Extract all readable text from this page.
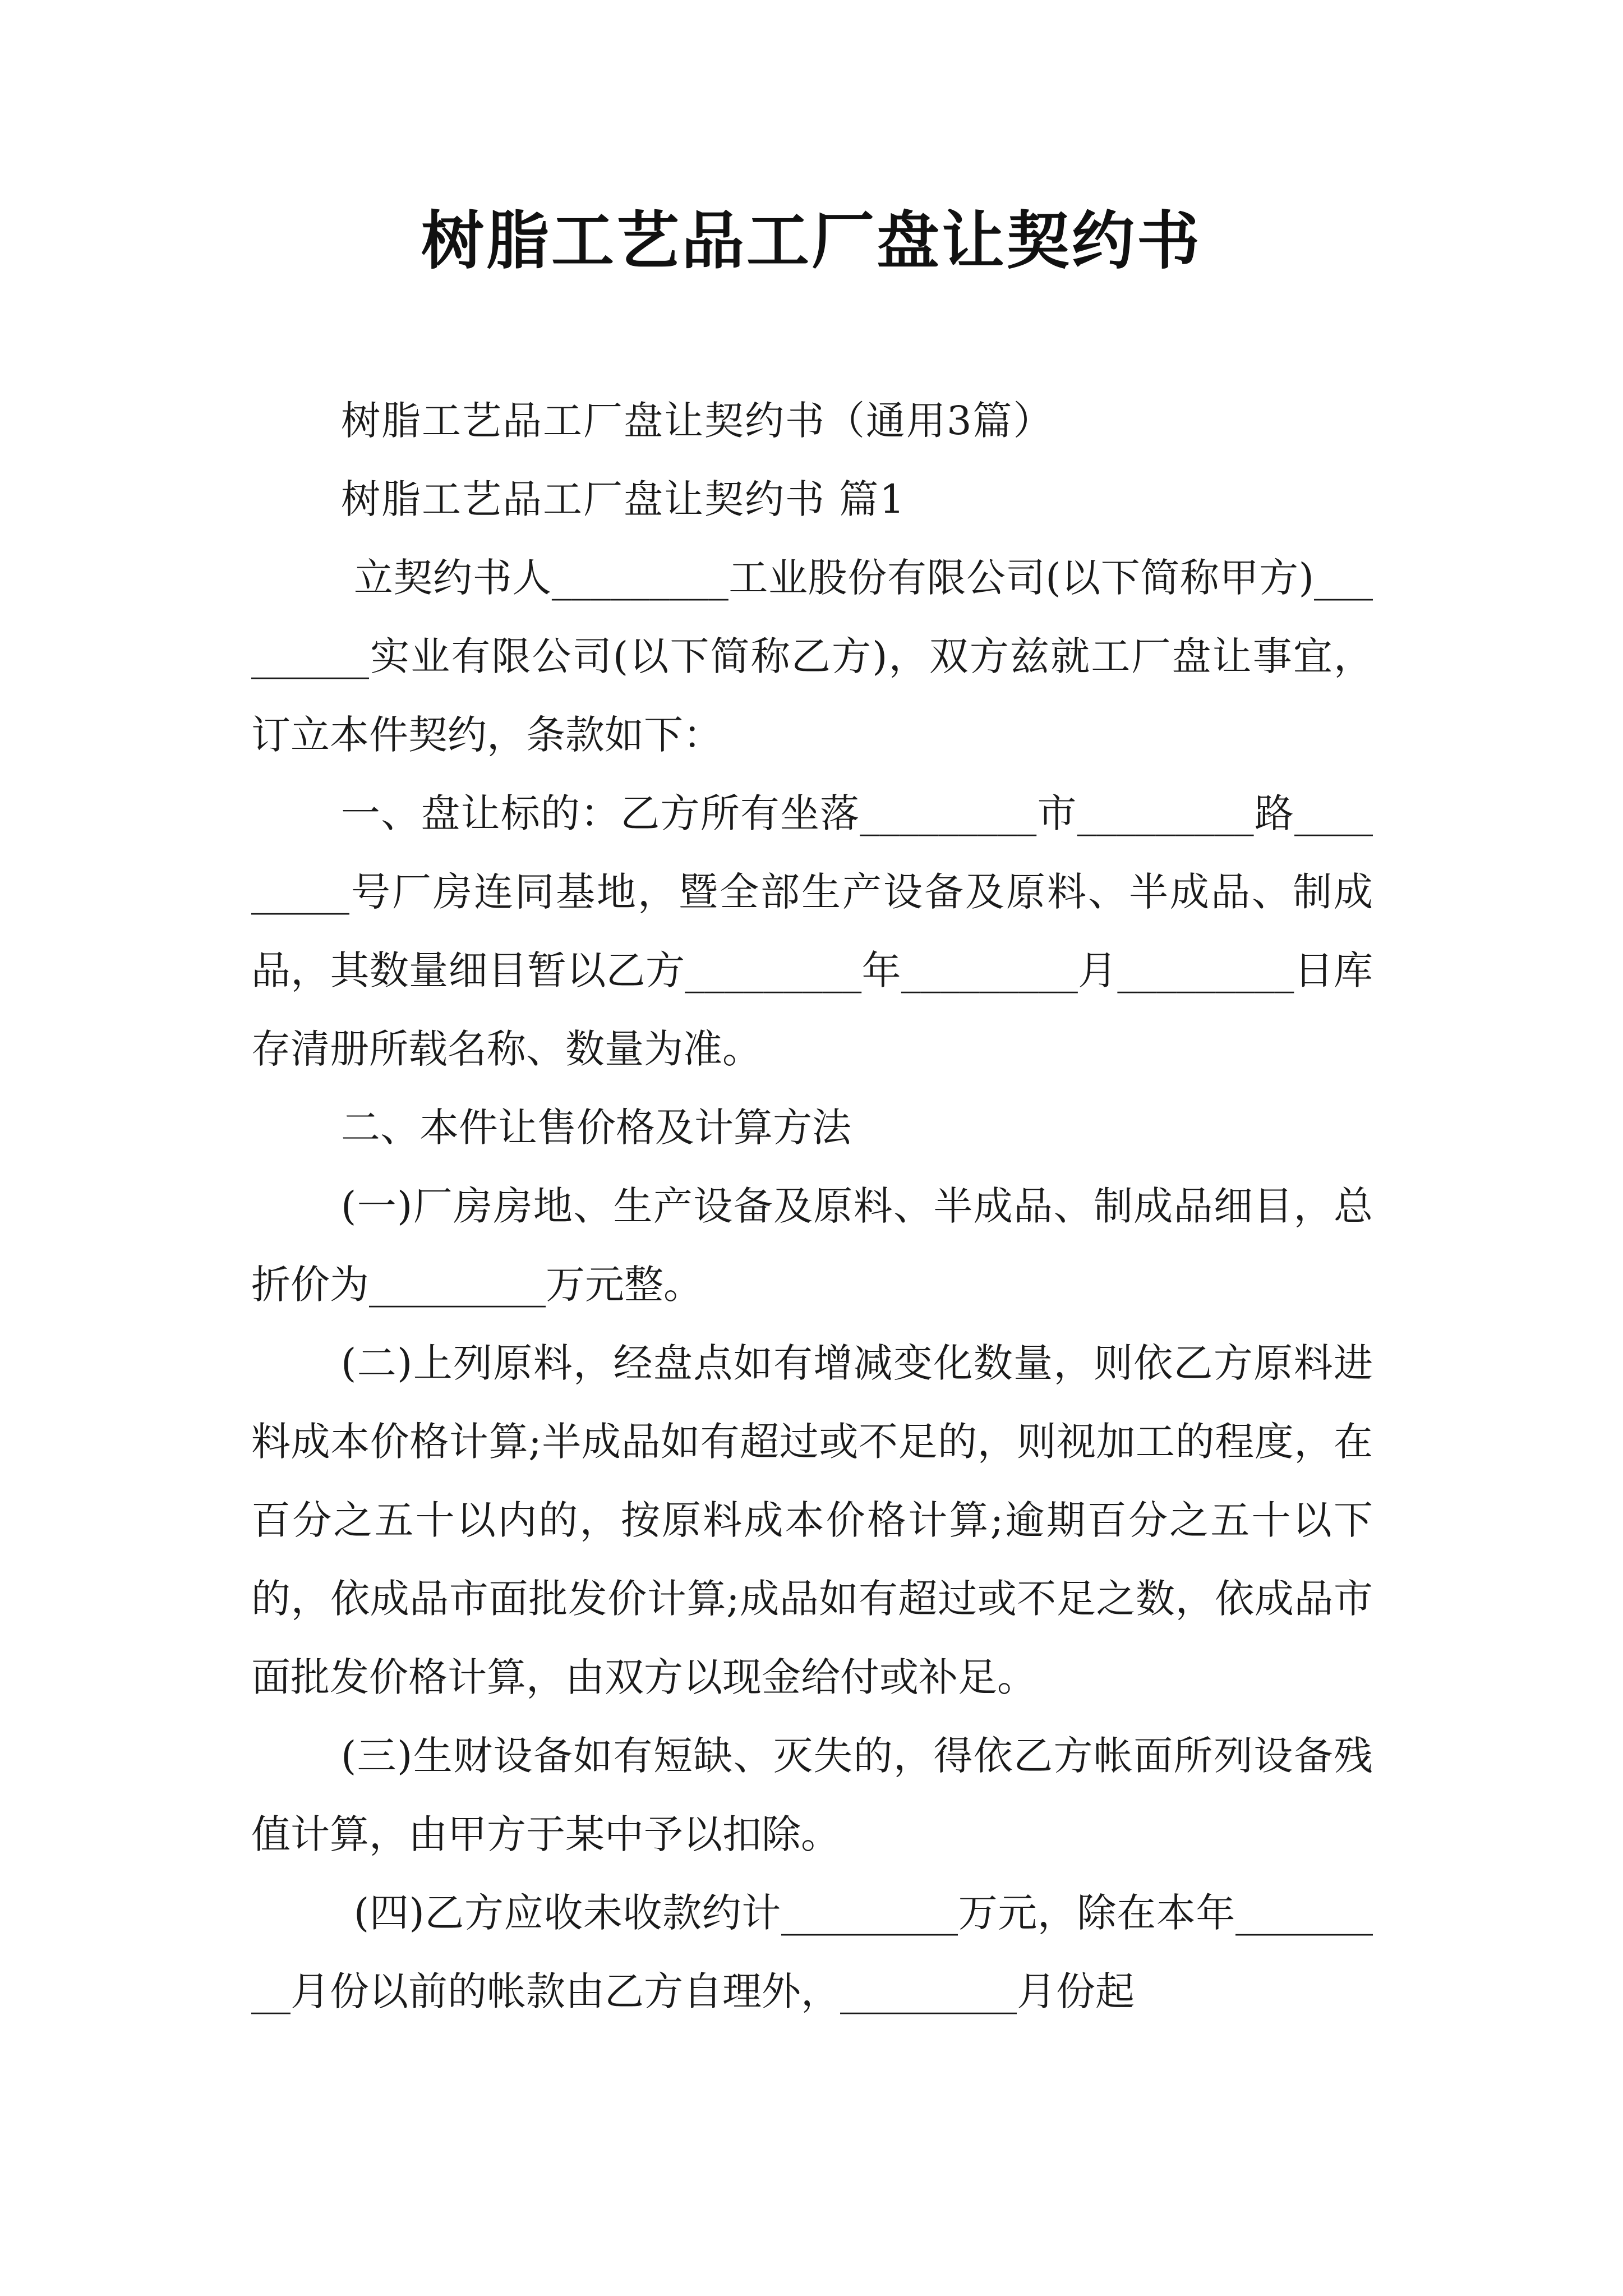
树脂工艺品工厂盘让契约书

树脂工艺品工厂盘让契约书（通用3篇）

树脂工艺品工厂盘让契约书 篇1

立契约书人_________工业股份有限公司(以下简称甲方)_________实业有限公司(以下简称乙方)，双方兹就工厂盘让事宜，订立本件契约，条款如下：

一、盘让标的：乙方所有坐落_________市_________路_________号厂房连同基地，暨全部生产设备及原料、半成品、制成品，其数量细目暂以乙方_________年_________月_________日库存清册所载名称、数量为准。

二、本件让售价格及计算方法

(一)厂房房地、生产设备及原料、半成品、制成品细目，总折价为_________万元整。

(二)上列原料，经盘点如有增减变化数量，则依乙方原料进料成本价格计算;半成品如有超过或不足的，则视加工的程度，在百分之五十以内的，按原料成本价格计算;逾期百分之五十以下的，依成品市面批发价计算;成品如有超过或不足之数，依成品市面批发价格计算，由双方以现金给付或补足。

(三)生财设备如有短缺、灭失的，得依乙方帐面所列设备残值计算，由甲方于某中予以扣除。

(四)乙方应收未收款约计_________万元，除在本年_________月份以前的帐款由乙方自理外，_________月份起
